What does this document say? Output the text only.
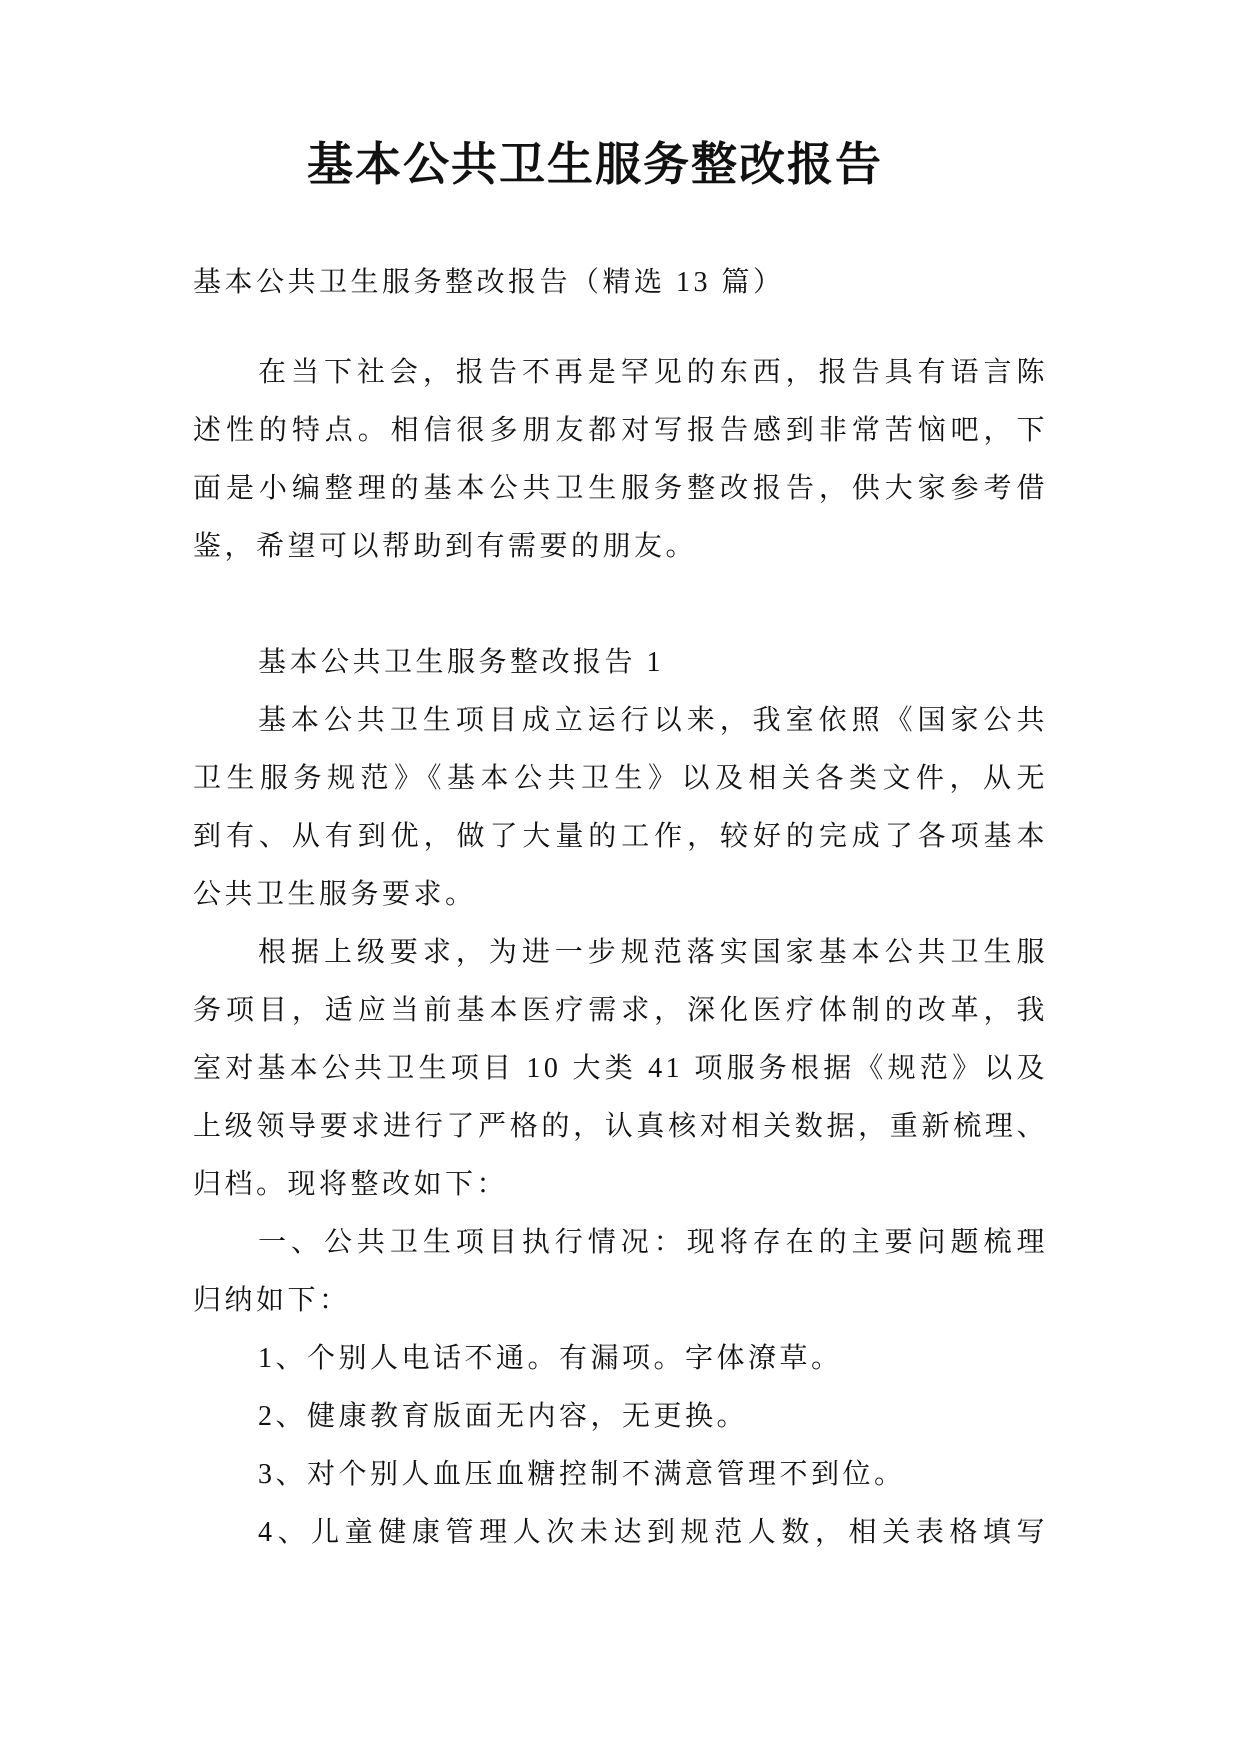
基本公共卫生服务整改报告
基本公共卫生服务整改报告（精选 13 篇）
在当下社会，报告不再是罕见的东西，报告具有语言陈
述性的特点。相信很多朋友都对写报告感到非常苦恼吧，下
面是小编整理的基本公共卫生服务整改报告，供大家参考借
鉴，希望可以帮助到有需要的朋友。
基本公共卫生服务整改报告 1
基本公共卫生项目成立运行以来，我室依照《国家公共
卫生服务规范》《基本公共卫生》以及相关各类文件，从无
到有、从有到优，做了大量的工作，较好的完成了各项基本
公共卫生服务要求。
根据上级要求，为进一步规范落实国家基本公共卫生服
务项目，适应当前基本医疗需求，深化医疗体制的改革，我
室对基本公共卫生项目 10 大类 41 项服务根据《规范》以及
上级领导要求进行了严格的，认真核对相关数据，重新梳理、
归档。现将整改如下：
一、公共卫生项目执行情况：现将存在的主要问题梳理
归纳如下：
1、个别人电话不通。有漏项。字体潦草。
2、健康教育版面无内容，无更换。
3、对个别人血压血糖控制不满意管理不到位。
4、儿童健康管理人次未达到规范人数，相关表格填写
